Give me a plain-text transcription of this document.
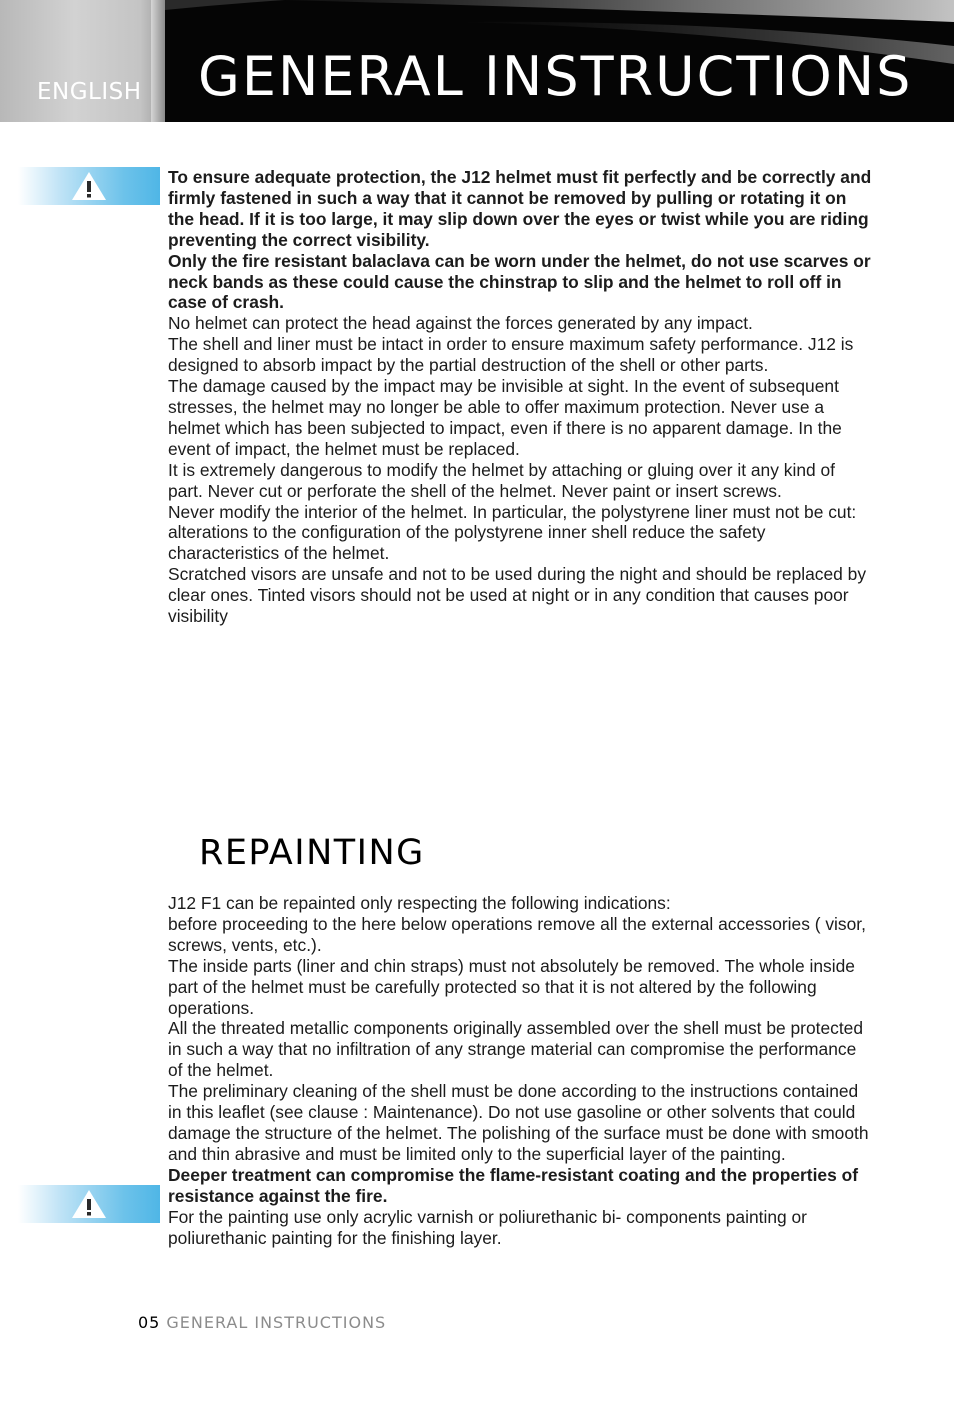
ENGLISH GENERAL INSTRUCTIONS

To ensure adequate protection, the J12 helmet must fit perfectly and be correctly and firmly fastened in such a way that it cannot be removed by pulling or rotating it on the head. If it is too large, it may slip down over the eyes or twist while you are riding preventing the correct visibility.

Only the fire resistant balaclava can be worn under the helmet, do not use scarves or neck bands as these could cause the chinstrap to slip and the helmet to roll off in case of crash.

No helmet can protect the head against the forces generated by any impact.

The shell and liner must be intact in order to ensure maximum safety performance. J12 is designed to absorb impact by the partial destruction of the shell or other parts.

The damage caused by the impact may be invisible at sight. In the event of subsequent stresses, the helmet may no longer be able to offer maximum protection. Never use a helmet which has been subjected to impact, even if there is no apparent damage. In the event of impact, the helmet must be replaced.

It is extremely dangerous to modify the helmet by attaching or gluing over it any kind of part. Never cut or perforate the shell of the helmet. Never paint or insert screws.

Never modify the interior of the helmet. In particular, the polystyrene liner must not be cut: alterations to the configuration of the polystyrene inner shell reduce the safety characteristics of the helmet.

Scratched visors are unsafe and not to be used during the night and should be replaced by clear ones. Tinted visors should not be used at night or in any condition that causes poor visibility

REPAINTING

J12 F1 can be repainted only respecting the following indications:

before proceeding to the here below operations remove all the external accessories ( visor, screws, vents, etc.).

The inside parts (liner and chin straps) must not absolutely be removed. The whole inside part of the helmet must be carefully protected so that it is not altered by the following operations.

All the threated metallic components originally assembled over the shell must be protected in such a way that no infiltration of any strange material can compromise the performance of the helmet.

The preliminary cleaning of the shell must be done according to the instructions contained in this leaflet (see clause : Maintenance). Do not use gasoline or other solvents that could damage the structure of the helmet. The polishing of the surface must be done with smooth and thin abrasive and must be limited only to the superficial layer of the painting.

Deeper treatment can compromise the flame-resistant coating and the properties of resistance against the fire.

For the painting use only acrylic varnish or poliurethanic bi- components painting or poliurethanic painting for the finishing layer.

05 GENERAL INSTRUCTIONS
